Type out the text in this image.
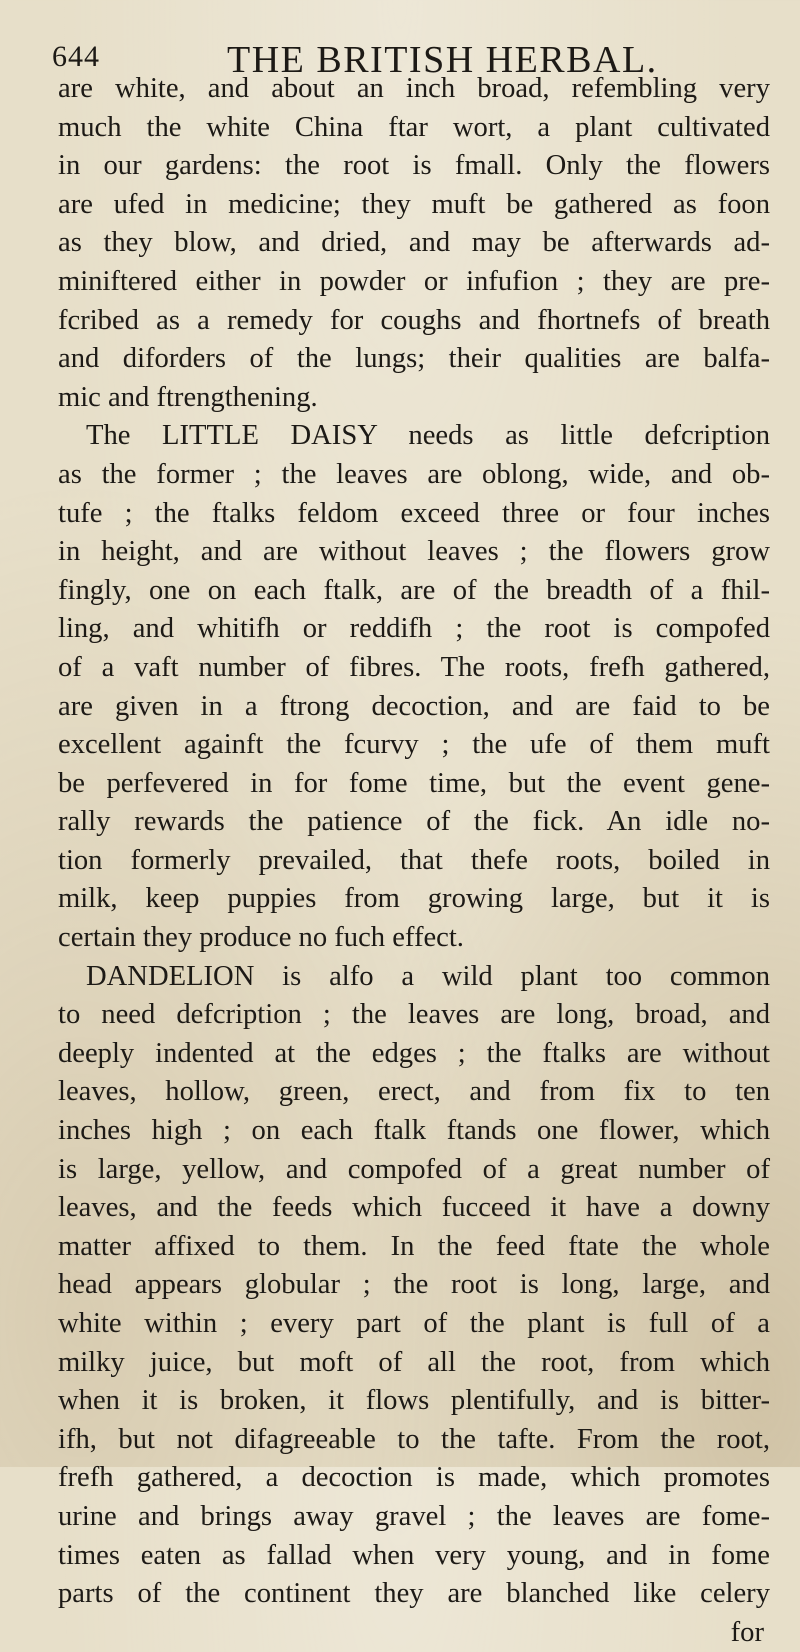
644	THE BRITISH HERBAL.
are white, and about an inch broad, refembling very
much the white China ftar wort, a plant cultivated
in our gardens: the root is fmall. Only the flowers
are ufed in medicine; they muft be gathered as foon
as they blow, and dried, and may be afterwards ad-
miniftered either in powder or infufion ; they are pre-
fcribed as a remedy for coughs and fhortnefs of breath
and diforders of the lungs; their qualities are balfa-
mic and ftrengthening.
The LITTLE DAISY needs as little defcription
as the former ; the leaves are oblong, wide, and ob-
tufe ; the ftalks feldom exceed three or four inches
in height, and are without leaves ; the flowers grow
fingly, one on each ftalk, are of the breadth of a fhil-
ling, and whitifh or reddifh ; the root is compofed
of a vaft number of fibres. The roots, frefh gathered,
are given in a ftrong decoction, and are faid to be
excellent againft the fcurvy ; the ufe of them muft
be perfevered in for fome time, but the event gene-
rally rewards the patience of the fick. An idle no-
tion formerly prevailed, that thefe roots, boiled in
milk, keep puppies from growing large, but it is
certain they produce no fuch effect.
DANDELION is alfo a wild plant too common
to need defcription ; the leaves are long, broad, and
deeply indented at the edges ; the ftalks are without
leaves, hollow, green, erect, and from fix to ten
inches high ; on each ftalk ftands one flower, which
is large, yellow, and compofed of a great number of
leaves, and the feeds which fucceed it have a downy
matter affixed to them. In the feed ftate the whole
head appears globular ; the root is long, large, and
white within ; every part of the plant is full of a
milky juice, but moft of all the root, from which
when it is broken, it flows plentifully, and is bitter-
ifh, but not difagreeable to the tafte. From the root,
frefh gathered, a decoction is made, which promotes
urine and brings away gravel ; the leaves are fome-
times eaten as fallad when very young, and in fome
parts of the continent they are blanched like celery
for
